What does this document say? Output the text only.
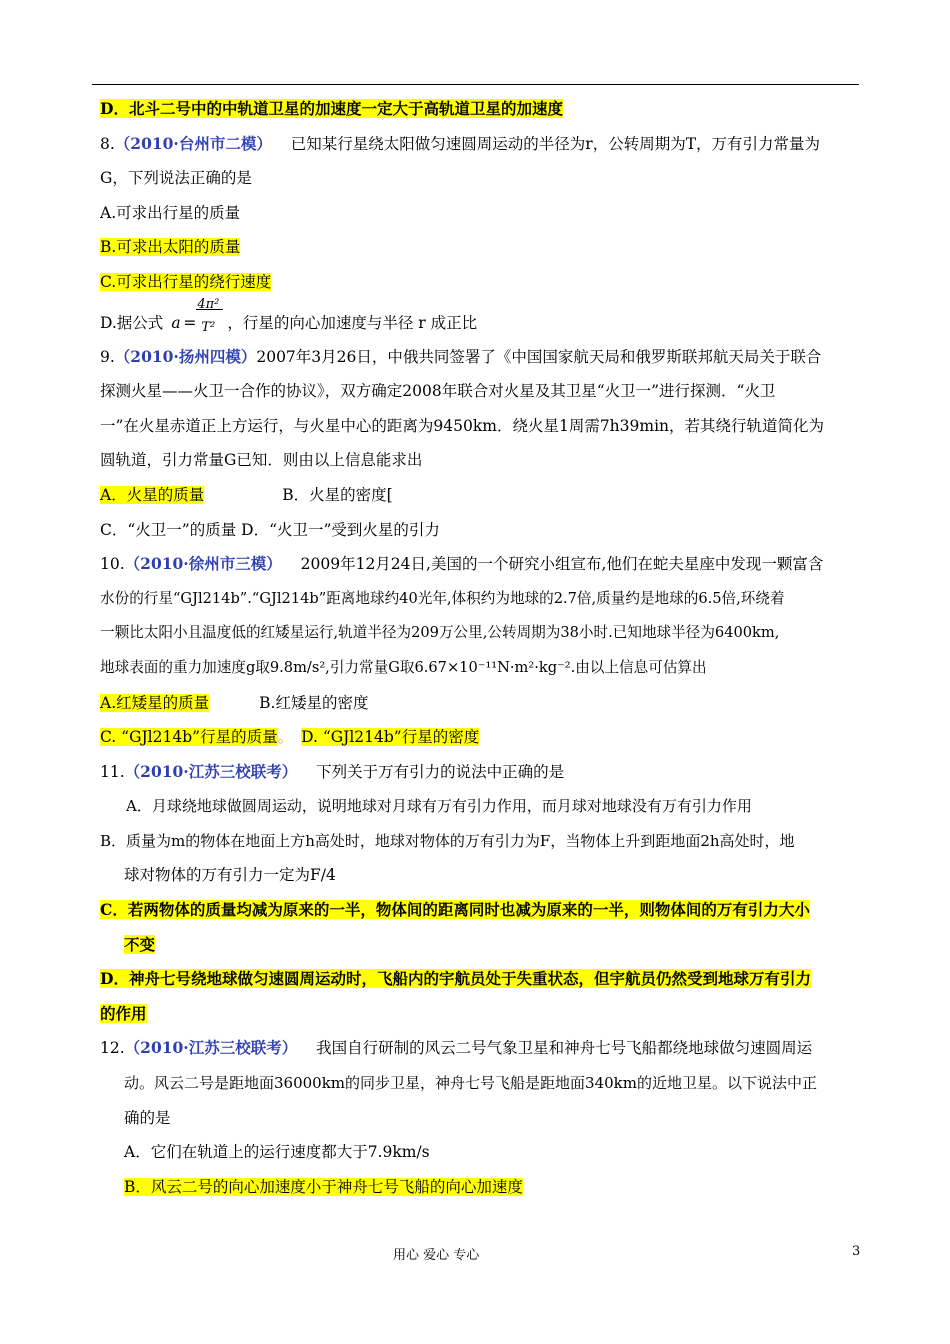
D．北斗二号中的中轨道卫星的加速度一定大于高轨道卫星的加速度
8.（2010·台州市二模） 已知某行星绕太阳做匀速圆周运动的半径为r，公转周期为T，万有引力常量为
G，下列说法正确的是
A.可求出行星的质量
B.可求出太阳的质量
C.可求出行星的绕行速度
D.据公式 a =
4π²
T² ，行星的向心加速度与半径 r 成正比
9.（2010·扬州四模）2007年3月26日，中俄共同签署了《中国国家航天局和俄罗斯联邦航天局关于联合
探测火星——火卫一合作的协议》，双方确定2008年联合对火星及其卫星“火卫一”进行探测．“火卫
一”在火星赤道正上方运行，与火星中心的距离为9450km．绕火星1周需7h39min，若其绕行轨道简化为
圆轨道，引力常量G已知．则由以上信息能求出
A．火星的质量	B．火星的密度[
C．“火卫一”的质量 D．“火卫一”受到火星的引力
10.（2010·徐州市三模） 2009年12月24日,美国的一个研究小组宣布,他们在蛇夫星座中发现一颗富含
水份的行星“GJl214b”.“GJl214b”距离地球约40光年,体积约为地球的2.7倍,质量约是地球的6.5倍,环绕着
一颗比太阳小且温度低的红矮星运行,轨道半径为209万公里,公转周期为38小时.已知地球半径为6400km,
地球表面的重力加速度g取9.8m/s²,引力常量G取6.67×10⁻¹¹N·m²·kg⁻².由以上信息可估算出
A.红矮星的质量	B.红矮星的密度
C. “GJl214b”行星的质量。 D. “GJl214b”行星的密度
11.（2010·江苏三校联考） 下列关于万有引力的说法中正确的是
A．月球绕地球做圆周运动，说明地球对月球有万有引力作用，而月球对地球没有万有引力作用
B．质量为m的物体在地面上方h高处时，地球对物体的万有引力为F，当物体上升到距地面2h高处时，地
球对物体的万有引力一定为F/4
C．若两物体的质量均减为原来的一半，物体间的距离同时也减为原来的一半，则物体间的万有引力大小
不变
D．神舟七号绕地球做匀速圆周运动时，飞船内的宇航员处于失重状态，但宇航员仍然受到地球万有引力
的作用
12.（2010·江苏三校联考） 我国自行研制的风云二号气象卫星和神舟七号飞船都绕地球做匀速圆周运
动。风云二号是距地面36000km的同步卫星，神舟七号飞船是距地面340km的近地卫星。以下说法中正
确的是
A．它们在轨道上的运行速度都大于7.9km/s
B．风云二号的向心加速度小于神舟七号飞船的向心加速度
用心 爱心 专心	3
